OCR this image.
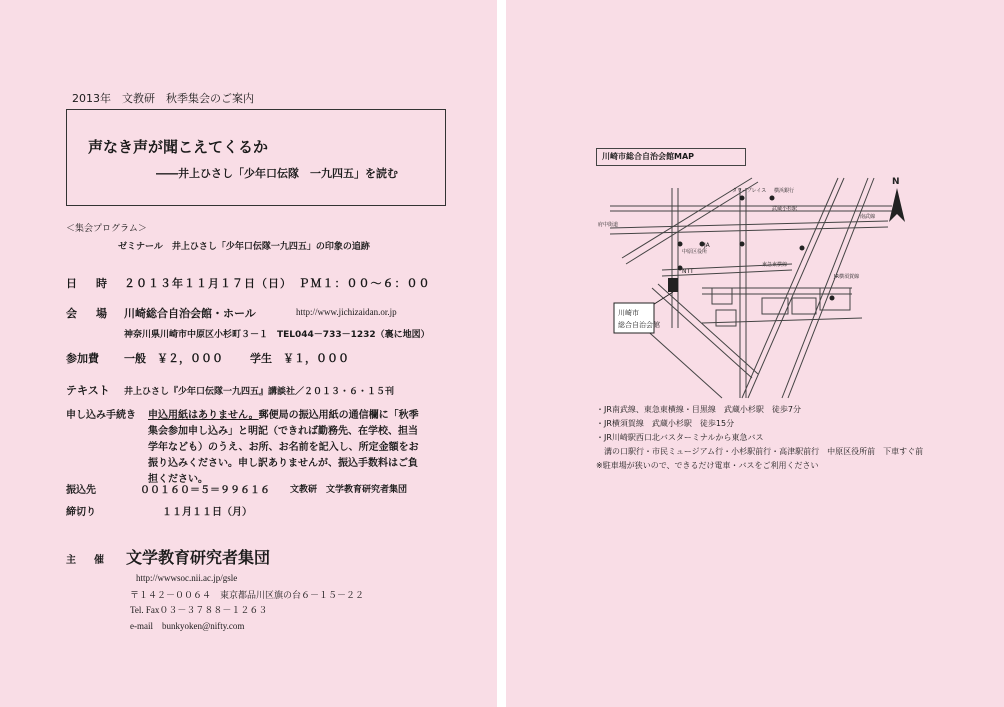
2013年　文教研　秋季集会のご案内
声なき声が聞こえてくるか
――井上ひさし「少年口伝隊　一九四五」を読む
＜集会プログラム＞
ゼミナール　井上ひさし「少年口伝隊一九四五」の印象の追跡
日　時 ２０１３年１１月１７日（日）　ＰＭ１：００～６：００
会　場 川崎総合自治会館・ホール	http://www.jichizaidan.or.jp
神奈川県川崎市中原区小杉町３－１　TEL044－733－1232（裏に地図）
参加費 一般　￥２，０００ 学生　￥１，０００
テキスト 井上ひさし『少年口伝隊一九四五』講談社／２０１３・６・１５刊
申し込み手続き 申込用紙はありません。郵便局の振込用紙の通信欄に「秋季
集会参加申し込み」と明記（できれば勤務先、在学校、担当
学年なども）のうえ、お所、お名前を記入し、所定金額をお
振り込みください。申し訳ありませんが、振込手数料はご負
担ください。
振込先	００１６０＝５＝９９６１６ 文教研　文学教育研究者集団
締切り	１１月１１日（月）
主　催 文学教育研究者集団
http://wwwsoc.nii.ac.jp/gsle
〒１４２－００６４　東京都品川区旗の台６－１５－２２
Tel. Fax０３－３７８８－１２６３
e-mail　bunkyoken@nifty.com
川崎市
総合自治会館
NTT
JA
タワープレイス 横浜銀行
武蔵小杉駅
中原区役所
JR横須賀線
東急東横線
府中街道
南武線
N
川崎市総合自治会館MAP
・JR南武線、東急東横線・目黒線　武蔵小杉駅　徒歩7分
・JR横須賀線　武蔵小杉駅　徒歩15分
・JR川崎駅西口北バスターミナルから東急バス
　溝の口駅行・市民ミュージアム行・小杉駅前行・高津駅前行　中原区役所前　下車すぐ前
※駐車場が狭いので、できるだけ電車・バスをご利用ください
